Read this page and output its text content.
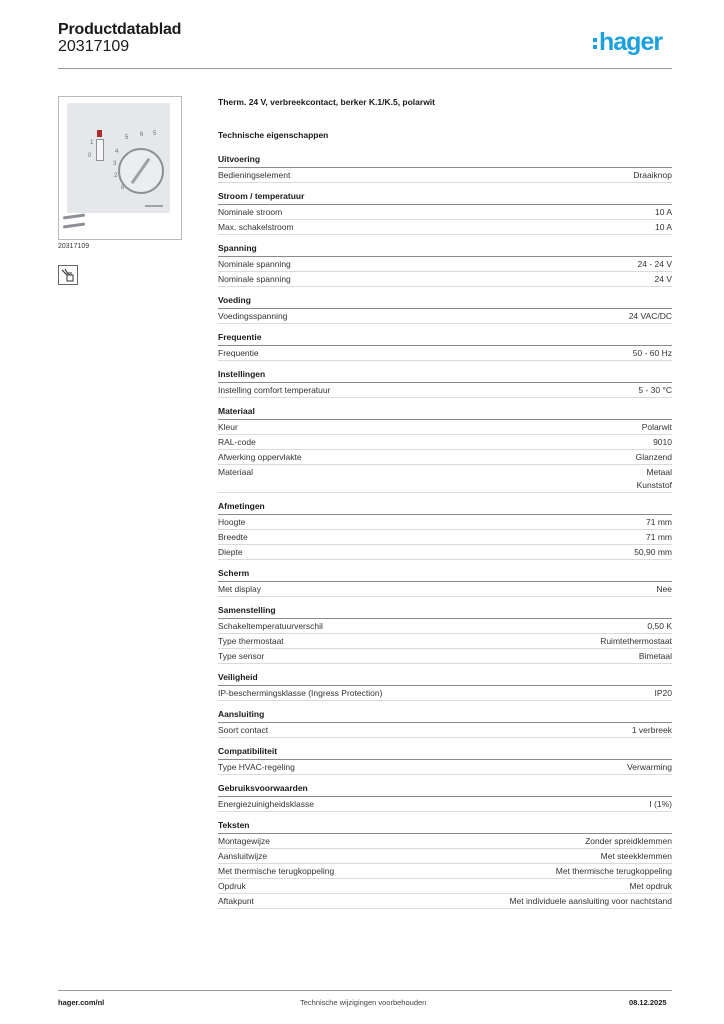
Productdatablad
20317109	hager
1
0
5 6
4
3
2
8
5
20317109
Therm. 24 V, verbreekcontact, berker K.1/K.5, polarwit
Technische eigenschappen
Uitvoering
Bedieningselement	Draaiknop
Stroom / temperatuur
Nominale stroom	10 A
Max. schakelstroom	10 A
Spanning
Nominale spanning	24 - 24 V
Nominale spanning	24 V
Voeding
Voedingsspanning	24 VAC/DC
Frequentie
Frequentie	50 - 60 Hz
Instellingen
Instelling comfort temperatuur	5 - 30 °C
Materiaal
Kleur	Polarwit
RAL-code	9010
Afwerking oppervlakte	Glanzend
Materiaal	Metaal
Kunststof
Afmetingen
Hoogte	71 mm
Breedte	71 mm
Diepte	50,90 mm
Scherm
Met display	Nee
Samenstelling
Schakeltemperatuurverschil	0,50 K
Type thermostaat	Ruimtethermostaat
Type sensor	Bimetaal
Veiligheid
IP-beschermingsklasse (Ingress Protection)	IP20
Aansluiting
Soort contact	1 verbreek
Compatibiliteit
Type HVAC-regeling	Verwarming
Gebruiksvoorwaarden
Energiezuinigheidsklasse	I (1%)
Teksten
Montagewijze	Zonder spreidklemmen
Aansluitwijze	Met steekklemmen
Met thermische terugkoppeling	Met thermische terugkoppeling
Opdruk	Met opdruk
Aftakpunt	Met individuele aansluiting voor nachtstand
hager.com/nl	Technische wijzigingen voorbehouden	08.12.2025
